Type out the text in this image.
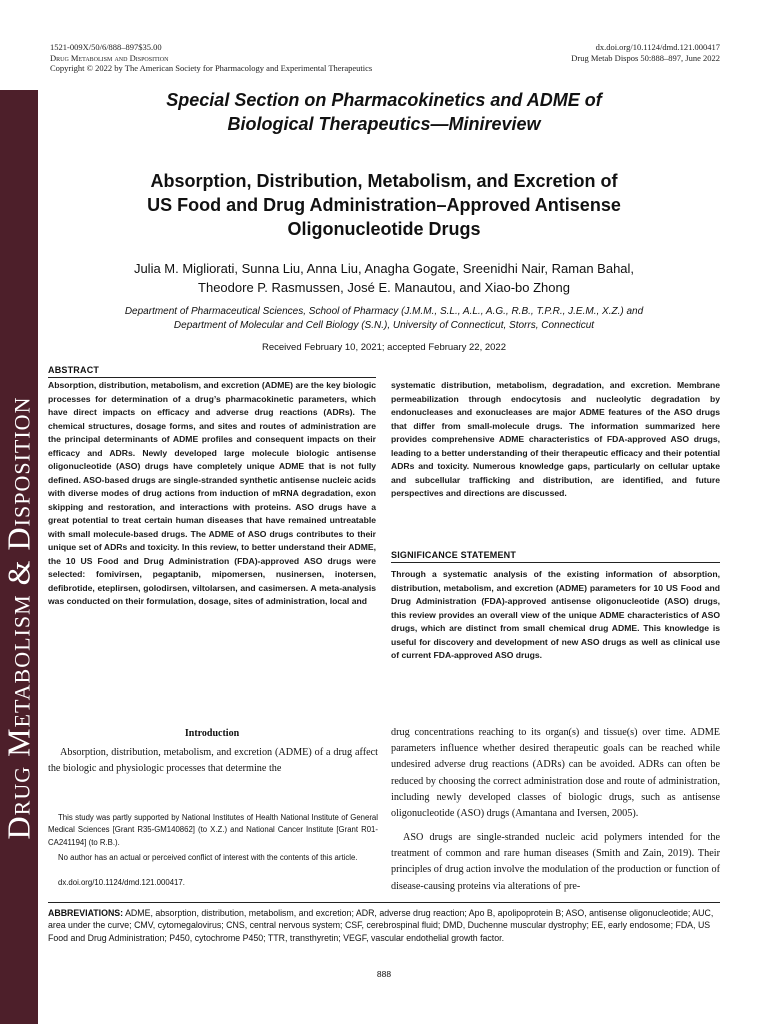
Drug Metabolism & Disposition
1521-009X/50/6/888–897$35.00
Drug Metabolism and Disposition
Copyright © 2022 by The American Society for Pharmacology and Experimental Therapeutics
dx.doi.org/10.1124/dmd.121.000417
Drug Metab Dispos 50:888–897, June 2022
Special Section on Pharmacokinetics and ADME of
Biological Therapeutics—Minireview
Absorption, Distribution, Metabolism, and Excretion of
US Food and Drug Administration–Approved Antisense
Oligonucleotide Drugs
Julia M. Migliorati, Sunna Liu, Anna Liu, Anagha Gogate, Sreenidhi Nair, Raman Bahal,
Theodore P. Rasmussen, José E. Manautou, and Xiao-bo Zhong
Department of Pharmaceutical Sciences, School of Pharmacy (J.M.M., S.L., A.L., A.G., R.B., T.P.R., J.E.M., X.Z.) and
Department of Molecular and Cell Biology (S.N.), University of Connecticut, Storrs, Connecticut
Received February 10, 2021; accepted February 22, 2022
ABSTRACT

Absorption, distribution, metabolism, and excretion (ADME) are the key biologic processes for determination of a drug’s pharmacokinetic parameters, which have direct impacts on efficacy and adverse drug reactions (ADRs). The chemical structures, dosage forms, and sites and routes of administration are the principal determinants of ADME profiles and consequent impacts on their efficacy and ADRs. Newly developed large molecule biologic antisense oligonucleotide (ASO) drugs have completely unique ADME that is not fully defined. ASO-based drugs are single-stranded synthetic antisense nucleic acids with diverse modes of drug actions from induction of mRNA degradation, exon skipping and restoration, and interactions with proteins. ASO drugs have a great potential to treat certain human diseases that have remained untreatable with small molecule-based drugs. The ADME of ASO drugs contributes to their unique set of ADRs and toxicity. In this review, to better understand their ADME, the 10 US Food and Drug Administration (FDA)-approved ASO drugs were selected: fomivirsen, pegaptanib, mipomersen, nusinersen, inotersen, defibrotide, eteplirsen, golodirsen, viltolarsen, and casimersen. A meta-analysis was conducted on their formulation, dosage, sites of administration, local and

systematic distribution, metabolism, degradation, and excretion. Membrane permeabilization through endocytosis and nucleolytic degradation by endonucleases and exonucleases are major ADME features of the ASO drugs that differ from small-molecule drugs. The information summarized here provides comprehensive ADME characteristics of FDA-approved ASO drugs, leading to a better understanding of their therapeutic efficacy and their potential ADRs and toxicity. Numerous knowledge gaps, particularly on cellular uptake and subcellular trafficking and distribution, are identified, and future perspectives and directions are discussed.

SIGNIFICANCE STATEMENT

Through a systematic analysis of the existing information of absorption, distribution, metabolism, and excretion (ADME) parameters for 10 US Food and Drug Administration (FDA)-approved antisense oligonucleotide (ASO) drugs, this review provides an overall view of the unique ADME characteristics of ASO drugs, which are distinct from small chemical drug ADME. This knowledge is useful for discovery and development of new ASO drugs as well as clinical use of current FDA-approved ASO drugs.

Introduction

Absorption, distribution, metabolism, and excretion (ADME) of a drug affect the biologic and physiologic processes that determine the

drug concentrations reaching to its organ(s) and tissue(s) over time. ADME parameters influence whether desired therapeutic goals can be reached while undesired adverse drug reactions (ADRs) can be avoided. ADRs can often be reduced by choosing the correct administration dose and route of administration, including newly developed classes of biologic drugs, such as antisense oligonucleotide (ASO) drugs (Amantana and Iversen, 2005).

ASO drugs are single-stranded nucleic acid polymers intended for the treatment of common and rare human diseases (Smith and Zain, 2019). Their principles of drug action involve the modulation of the production or function of disease-causing proteins via alterations of pre-

This study was partly supported by National Institutes of Health National Institute of General Medical Sciences [Grant R35-GM140862] (to X.Z.) and National Cancer Institute [Grant R01-CA241194] (to R.B.).

No author has an actual or perceived conflict of interest with the contents of this article.

dx.doi.org/10.1124/dmd.121.000417.

ABBREVIATIONS: ADME, absorption, distribution, metabolism, and excretion; ADR, adverse drug reaction; Apo B, apolipoprotein B; ASO, antisense oligonucleotide; AUC, area under the curve; CMV, cytomegalovirus; CNS, central nervous system; CSF, cerebrospinal fluid; DMD, Duchenne muscular dystrophy; EE, early endosome; FDA, US Food and Drug Administration; P450, cytochrome P450; TTR, transthyretin; VEGF, vascular endothelial growth factor.

888
